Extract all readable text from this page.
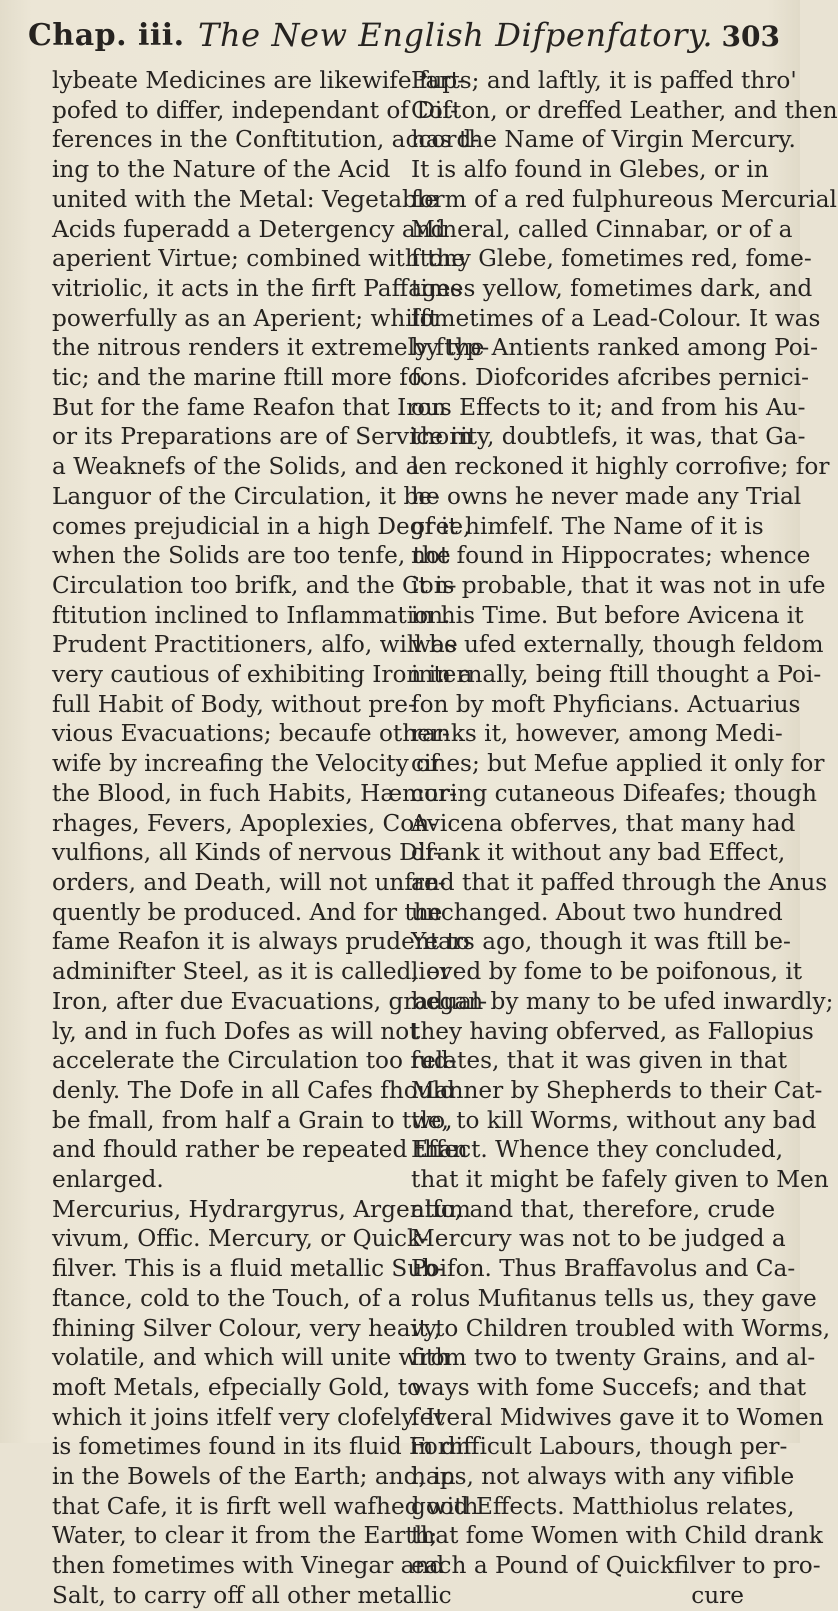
Chap. iii. The New English Difpenfatory. 303
lybeate Medicines are likewife fup-
pofed to differ, independant of Dif-
ferences in the Conftitution, accord-
ing to the Nature of the Acid
united with the Metal: Vegetable
Acids fuperadd a Detergency and
aperient Virtue; combined with the
vitriolic, it acts in the firft Paffages
powerfully as an Aperient; whilft
the nitrous renders it extremely ftyp-
tic; and the marine ftill more fo.
But for the fame Reafon that Iron
or its Preparations are of Service in
a Weaknefs of the Solids, and a
Languor of the Circulation, it be-
comes prejudicial in a high Degree,
when the Solids are too tenfe, the
Circulation too brifk, and the Con-
ftitution inclined to Inflammation.
Prudent Practitioners, alfo, will be
very cautious of exhibiting Iron in a
full Habit of Body, without pre-
vious Evacuations; becaufe other-
wife by increafing the Velocity of
the Blood, in fuch Habits, Hæmor-
rhages, Fevers, Apoplexies, Con-
vulfions, all Kinds of nervous Dif-
orders, and Death, will not unfre-
quently be produced. And for the
fame Reafon it is always prudent to
adminifter Steel, as it is called, or
Iron, after due Evacuations, gradual-
ly, and in fuch Dofes as will not
accelerate the Circulation too fud-
denly. The Dofe in all Cafes fhould
be fmall, from half a Grain to two,
and fhould rather be repeated than
enlarged.
Mercurius, Hydrargyrus, Argentum
vivum, Offic. Mercury, or Quick-
filver. This is a fluid metallic Sub-
ftance, cold to the Touch, of a
fhining Silver Colour, very heavy,
volatile, and which will unite with
moft Metals, efpecially Gold, to
which it joins itfelf very clofely. It
is fometimes found in its fluid Form
in the Bowels of the Earth; and, in
that Cafe, it is firft well wafhed with
Water, to clear it from the Earth;
then fometimes with Vinegar and
Salt, to carry off all other metallic
Parts; and laftly, it is paffed thro'
Cotton, or dreffed Leather, and then
has the Name of Virgin Mercury.
It is alfo found in Glebes, or in
form of a red fulphureous Mercurial
Mineral, called Cinnabar, or of a
ftony Glebe, fometimes red, fome-
times yellow, fometimes dark, and
fometimes of a Lead-Colour. It was
by the Antients ranked among Poi-
fons. Diofcorides afcribes pernici-
ous Effects to it; and from his Au-
thority, doubtlefs, it was, that Ga-
len reckoned it highly corrofive; for
he owns he never made any Trial
of it himfelf. The Name of it is
not found in Hippocrates; whence
it is probable, that it was not in ufe
in his Time. But before Avicena it
was ufed externally, though feldom
internally, being ftill thought a Poi-
fon by moft Phyficians. Actuarius
ranks it, however, among Medi-
cines; but Mefue applied it only for
curing cutaneous Difeafes; though
Avicena obferves, that many had
drank it without any bad Effect,
and that it paffed through the Anus
unchanged. About two hundred
Years ago, though it was ftill be-
lieved by fome to be poifonous, it
began by many to be ufed inwardly;
they having obferved, as Fallopius
relates, that it was given in that
Manner by Shepherds to their Cat-
tle, to kill Worms, without any bad
Effect. Whence they concluded,
that it might be fafely given to Men
alfo, and that, therefore, crude
Mercury was not to be judged a
Poifon. Thus Braffavolus and Ca-
rolus Mufitanus tells us, they gave
it to Children troubled with Worms,
from two to twenty Grains, and al-
ways with fome Succefs; and that
feveral Midwives gave it to Women
in difficult Labours, though per-
haps, not always with any vifible
good Effects. Matthiolus relates,
that fome Women with Child drank
each a Pound of Quickfilver to pro-
cure
